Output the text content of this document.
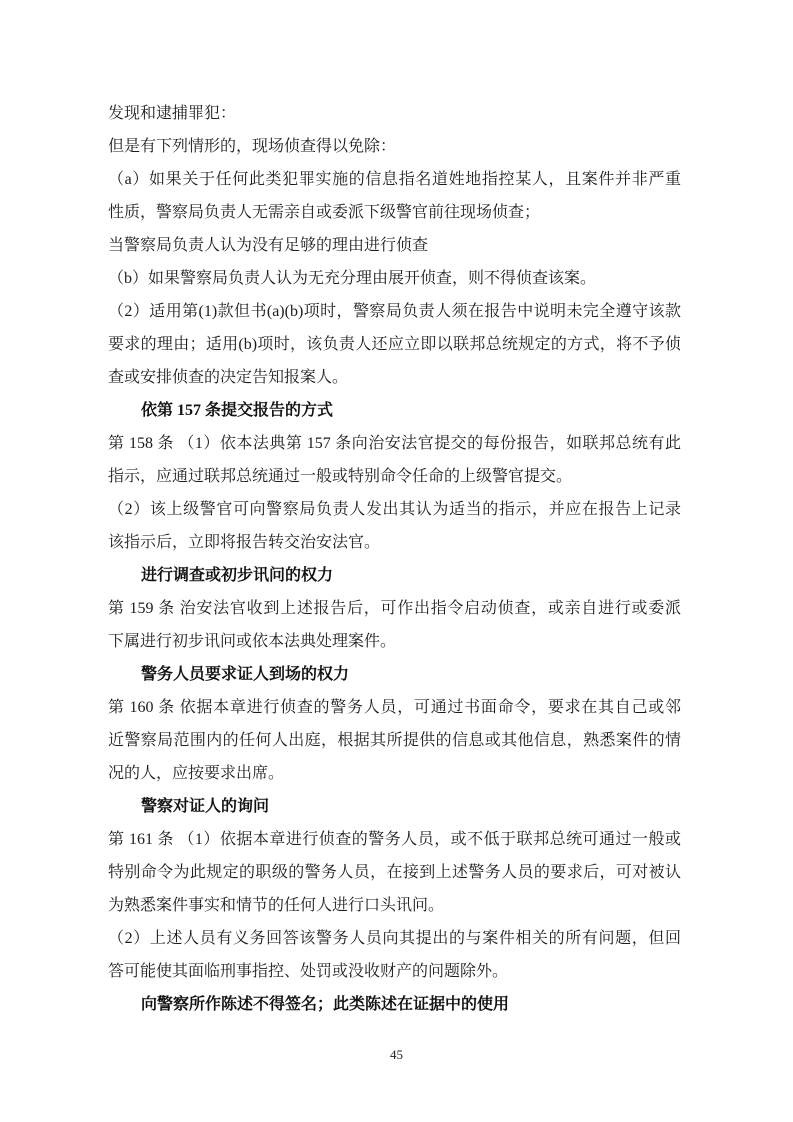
发现和逮捕罪犯：
但是有下列情形的，现场侦查得以免除：
（a）如果关于任何此类犯罪实施的信息指名道姓地指控某人，且案件并非严重
性质，警察局负责人无需亲自或委派下级警官前往现场侦查；
当警察局负责人认为没有足够的理由进行侦查
（b）如果警察局负责人认为无充分理由展开侦查，则不得侦查该案。
（2）适用第(1)款但书(a)(b)项时，警察局负责人须在报告中说明未完全遵守该款
要求的理由；适用(b)项时，该负责人还应立即以联邦总统规定的方式，将不予侦
查或安排侦查的决定告知报案人。
依第 157 条提交报告的方式
第 158 条 （1）依本法典第 157 条向治安法官提交的每份报告，如联邦总统有此
指示，应通过联邦总统通过一般或特别命令任命的上级警官提交。
（2）该上级警官可向警察局负责人发出其认为适当的指示，并应在报告上记录
该指示后，立即将报告转交治安法官。
进行调查或初步讯问的权力
第 159 条 治安法官收到上述报告后，可作出指令启动侦查，或亲自进行或委派
下属进行初步讯问或依本法典处理案件。
警务人员要求证人到场的权力
第 160 条 依据本章进行侦查的警务人员，可通过书面命令，要求在其自己或邻
近警察局范围内的任何人出庭，根据其所提供的信息或其他信息，熟悉案件的情
况的人，应按要求出席。
警察对证人的询问
第 161 条 （1）依据本章进行侦查的警务人员，或不低于联邦总统可通过一般或
特别命令为此规定的职级的警务人员，在接到上述警务人员的要求后，可对被认
为熟悉案件事实和情节的任何人进行口头讯问。
（2）上述人员有义务回答该警务人员向其提出的与案件相关的所有问题，但回
答可能使其面临刑事指控、处罚或没收财产的问题除外。
向警察所作陈述不得签名；此类陈述在证据中的使用
45
